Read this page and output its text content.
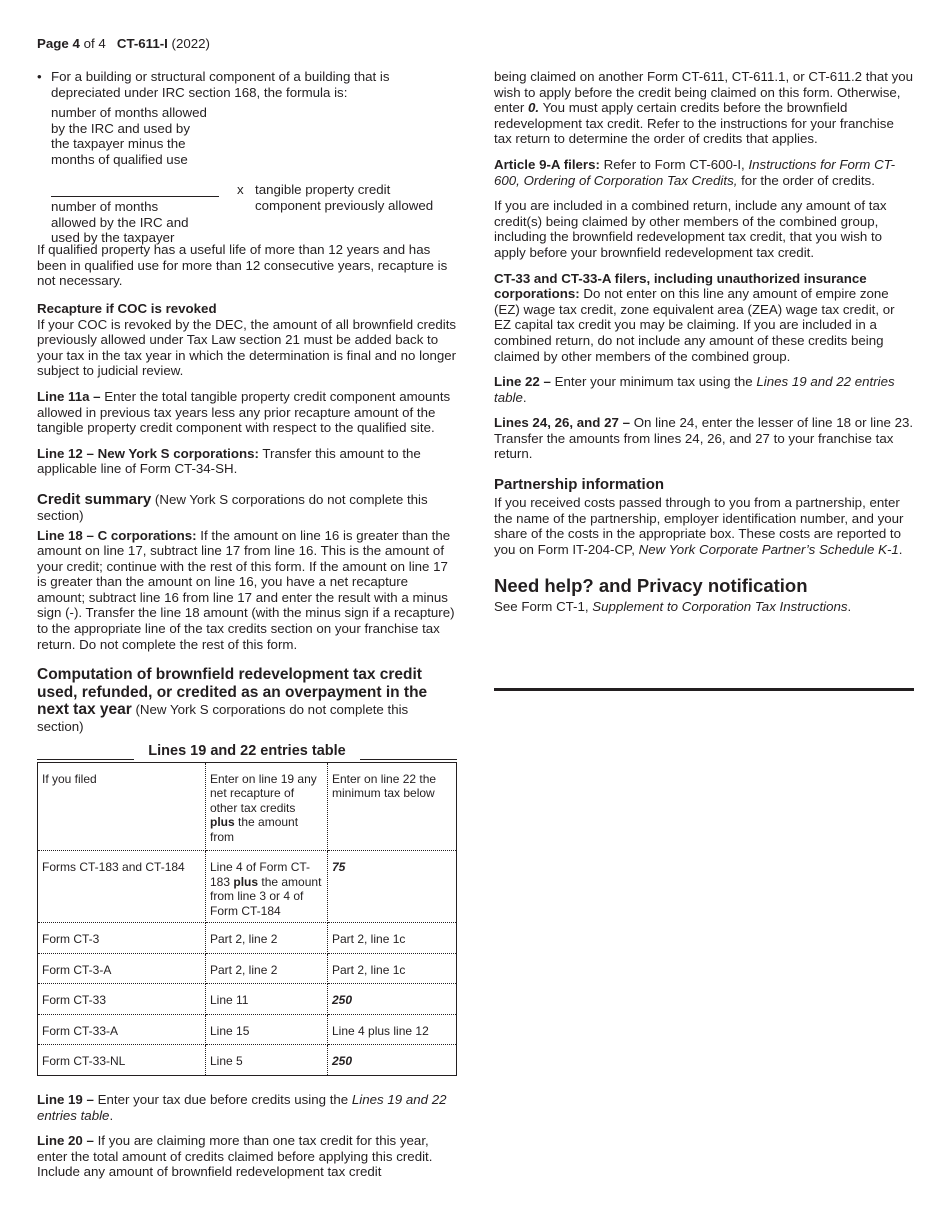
Page 4 of 4 CT-611-I (2022)
• For a building or structural component of a building that is depreciated under IRC section 168, the formula is:
number of months allowed
by the IRC and used by
the taxpayer minus the
months of qualified use
number of months
allowed by the IRC and
used by the taxpayer
x tangible property credit component previously allowed

If qualified property has a useful life of more than 12 years and has been in qualified use for more than 12 consecutive years, recapture is not necessary.

Recapture if COC is revoked

If your COC is revoked by the DEC, the amount of all brownfield credits previously allowed under Tax Law section 21 must be added back to your tax in the tax year in which the determination is final and no longer subject to judicial review.

Line 11a – Enter the total tangible property credit component amounts allowed in previous tax years less any prior recapture amount of the tangible property credit component with respect to the qualified site.

Line 12 – New York S corporations: Transfer this amount to the applicable line of Form CT-34-SH.

Credit summary (New York S corporations do not complete this section)

Line 18 – C corporations: If the amount on line 16 is greater than the amount on line 17, subtract line 17 from line 16. This is the amount of your credit; continue with the rest of this form. If the amount on line 17 is greater than the amount on line 16, you have a net recapture amount; subtract line 16 from line 17 and enter the result with a minus sign (-). Transfer the line 18 amount (with the minus sign if a recapture) to the appropriate line of the tax credits section on your franchise tax return. Do not complete the rest of this form.

Computation of brownfield redevelopment tax credit used, refunded, or credited as an overpayment in the next tax year (New York S corporations do not complete this section)

Lines 19 and 22 entries table
If you filed	Enter on line 19 any net recapture of other tax credits plus the amount from	Enter on line 22 the minimum tax below
Forms CT-183 and CT-184	Line 4 of Form CT-183 plus the amount from line 3 or 4 of Form CT-184	75
Form CT-3	Part 2, line 2	Part 2, line 1c
Form CT-3-A	Part 2, line 2	Part 2, line 1c
Form CT-33	Line 11	250
Form CT-33-A	Line 15	Line 4 plus line 12
Form CT-33-NL	Line 5	250

Line 19 – Enter your tax due before credits using the Lines 19 and 22 entries table.

Line 20 – If you are claiming more than one tax credit for this year, enter the total amount of credits claimed before applying this credit. Include any amount of brownfield redevelopment tax credit

being claimed on another Form CT-611, CT-611.1, or CT-611.2 that you wish to apply before the credit being claimed on this form. Otherwise, enter 0. You must apply certain credits before the brownfield redevelopment tax credit. Refer to the instructions for your franchise tax return to determine the order of credits that applies.

Article 9-A filers: Refer to Form CT-600-I, Instructions for Form CT-600, Ordering of Corporation Tax Credits, for the order of credits.

If you are included in a combined return, include any amount of tax credit(s) being claimed by other members of the combined group, including the brownfield redevelopment tax credit, that you wish to apply before your brownfield redevelopment tax credit.

CT-33 and CT-33-A filers, including unauthorized insurance corporations: Do not enter on this line any amount of empire zone (EZ) wage tax credit, zone equivalent area (ZEA) wage tax credit, or EZ capital tax credit you may be claiming. If you are included in a combined return, do not include any amount of these credits being claimed by other members of the combined group.

Line 22 – Enter your minimum tax using the Lines 19 and 22 entries table.

Lines 24, 26, and 27 – On line 24, enter the lesser of line 18 or line 23. Transfer the amounts from lines 24, 26, and 27 to your franchise tax return.

Partnership information

If you received costs passed through to you from a partnership, enter the name of the partnership, employer identification number, and your share of the costs in the appropriate box. These costs are reported to you on Form IT-204-CP, New York Corporate Partner’s Schedule K-1.

Need help? and Privacy notification

See Form CT-1, Supplement to Corporation Tax Instructions.
